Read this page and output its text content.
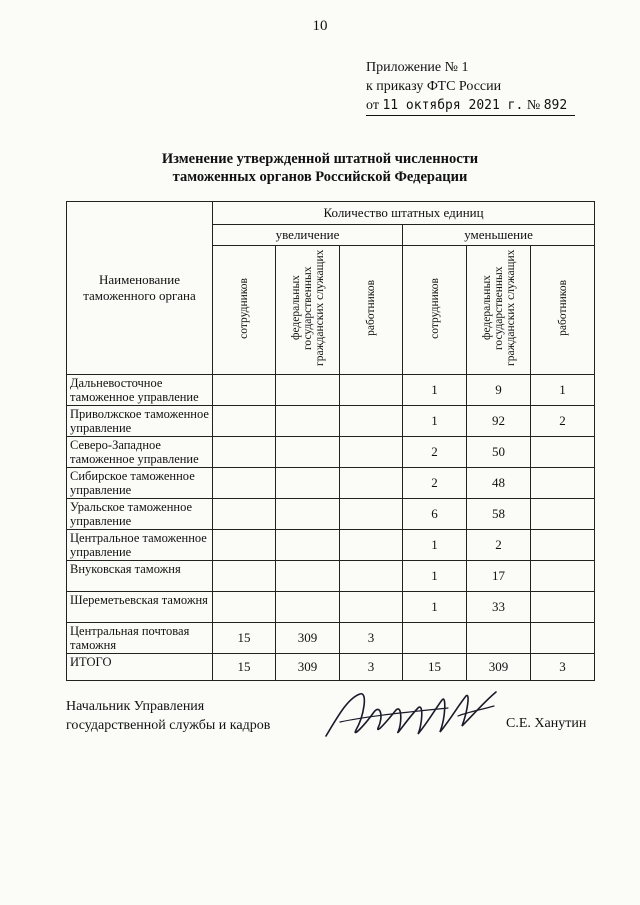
10
Приложение № 1
к приказу ФТС России
от 11 октября 2021 г. № 892
Изменение утвержденной штатной численности
таможенных органов Российской Федерации
Наименование таможенного органа	Количество штатных единиц					
	увеличение			уменьшение		
	сотрудников	федеральных государственных гражданских служащих	работников	сотрудников	федеральных государственных гражданских служащих	работников
Дальневосточное таможенное управление				1	9	1
Приволжское таможенное управление				1	92	2
Северо-Западное таможенное управление				2	50	
Сибирское таможенное управление				2	48	
Уральское таможенное управление				6	58	
Центральное таможенное управление				1	2	
Внуковская таможня				1	17	
Шереметьевская таможня				1	33	
Центральная почтовая таможня	15	309	3			
ИТОГО	15	309	3	15	309	3
Начальник Управления
государственной службы и кадров	С.Е. Ханутин
